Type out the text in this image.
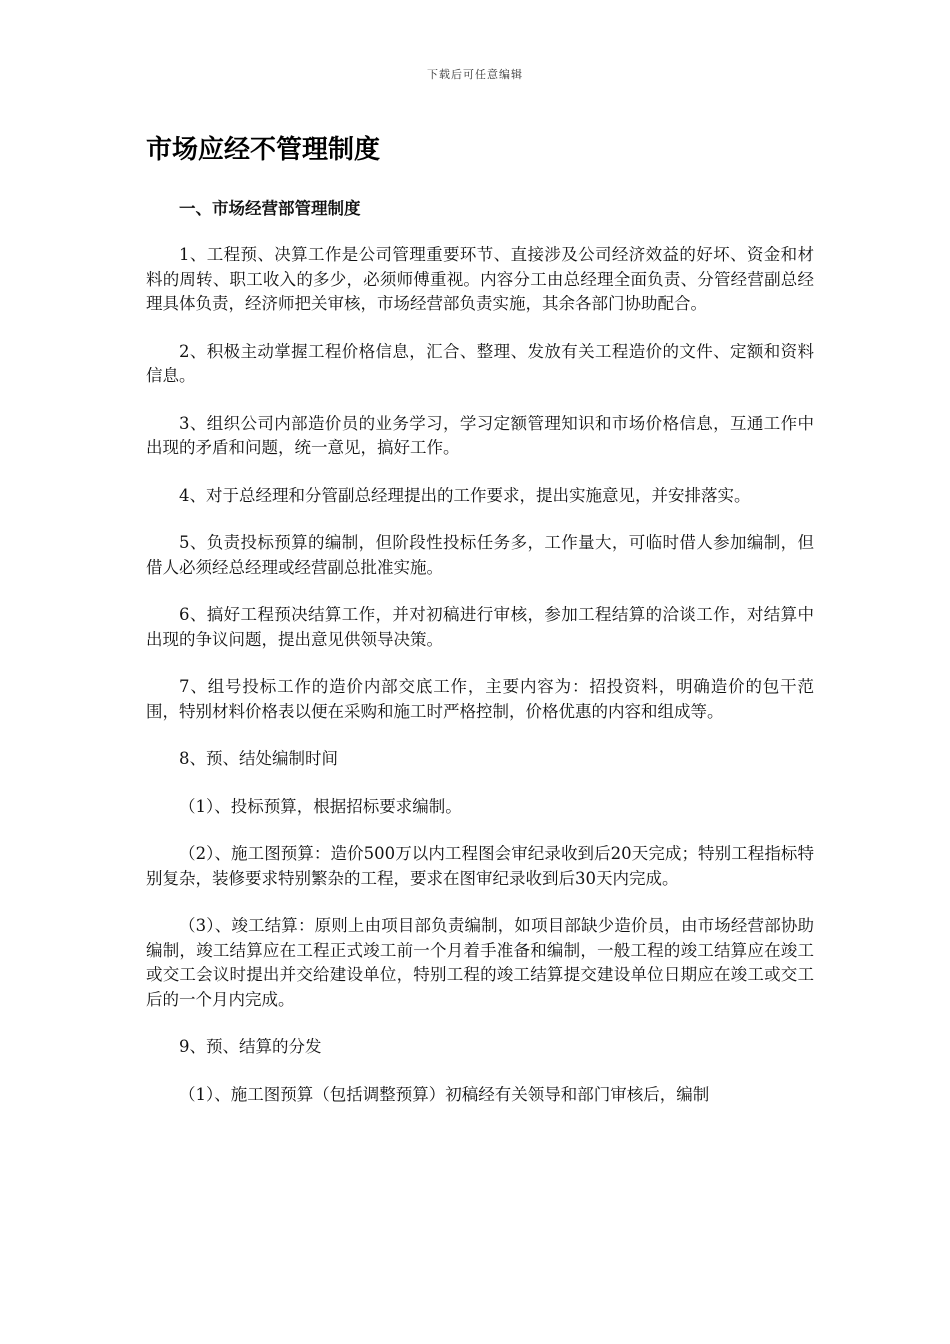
下载后可任意编辑
市场应经不管理制度

一、市场经营部管理制度

1、工程预、决算工作是公司管理重要环节、直接涉及公司经济效益的好坏、资金和材料的周转、职工收入的多少，必须师傅重视。内容分工由总经理全面负责、分管经营副总经理具体负责，经济师把关审核，市场经营部负责实施，其余各部门协助配合。

2、积极主动掌握工程价格信息，汇合、整理、发放有关工程造价的文件、定额和资料信息。

3、组织公司内部造价员的业务学习，学习定额管理知识和市场价格信息，互通工作中出现的矛盾和问题，统一意见，搞好工作。

4、对于总经理和分管副总经理提出的工作要求，提出实施意见，并安排落实。

5、负责投标预算的编制，但阶段性投标任务多，工作量大，可临时借人参加编制，但借人必须经总经理或经营副总批准实施。

6、搞好工程预决结算工作，并对初稿进行审核，参加工程结算的洽谈工作，对结算中出现的争议问题，提出意见供领导决策。

7、组号投标工作的造价内部交底工作，主要内容为：招投资料，明确造价的包干范围，特别材料价格表以便在采购和施工时严格控制，价格优惠的内容和组成等。

8、预、结处编制时间

（1）、投标预算，根据招标要求编制。

（2）、施工图预算：造价500万以内工程图会审纪录收到后20天完成；特别工程指标特别复杂，装修要求特别繁杂的工程，要求在图审纪录收到后30天内完成。

（3）、竣工结算：原则上由项目部负责编制，如项目部缺少造价员，由市场经营部协助编制，竣工结算应在工程正式竣工前一个月着手准备和编制，一般工程的竣工结算应在竣工或交工会议时提出并交给建设单位，特别工程的竣工结算提交建设单位日期应在竣工或交工后的一个月内完成。

9、预、结算的分发

（1）、施工图预算（包括调整预算）初稿经有关领导和部门审核后，编制
